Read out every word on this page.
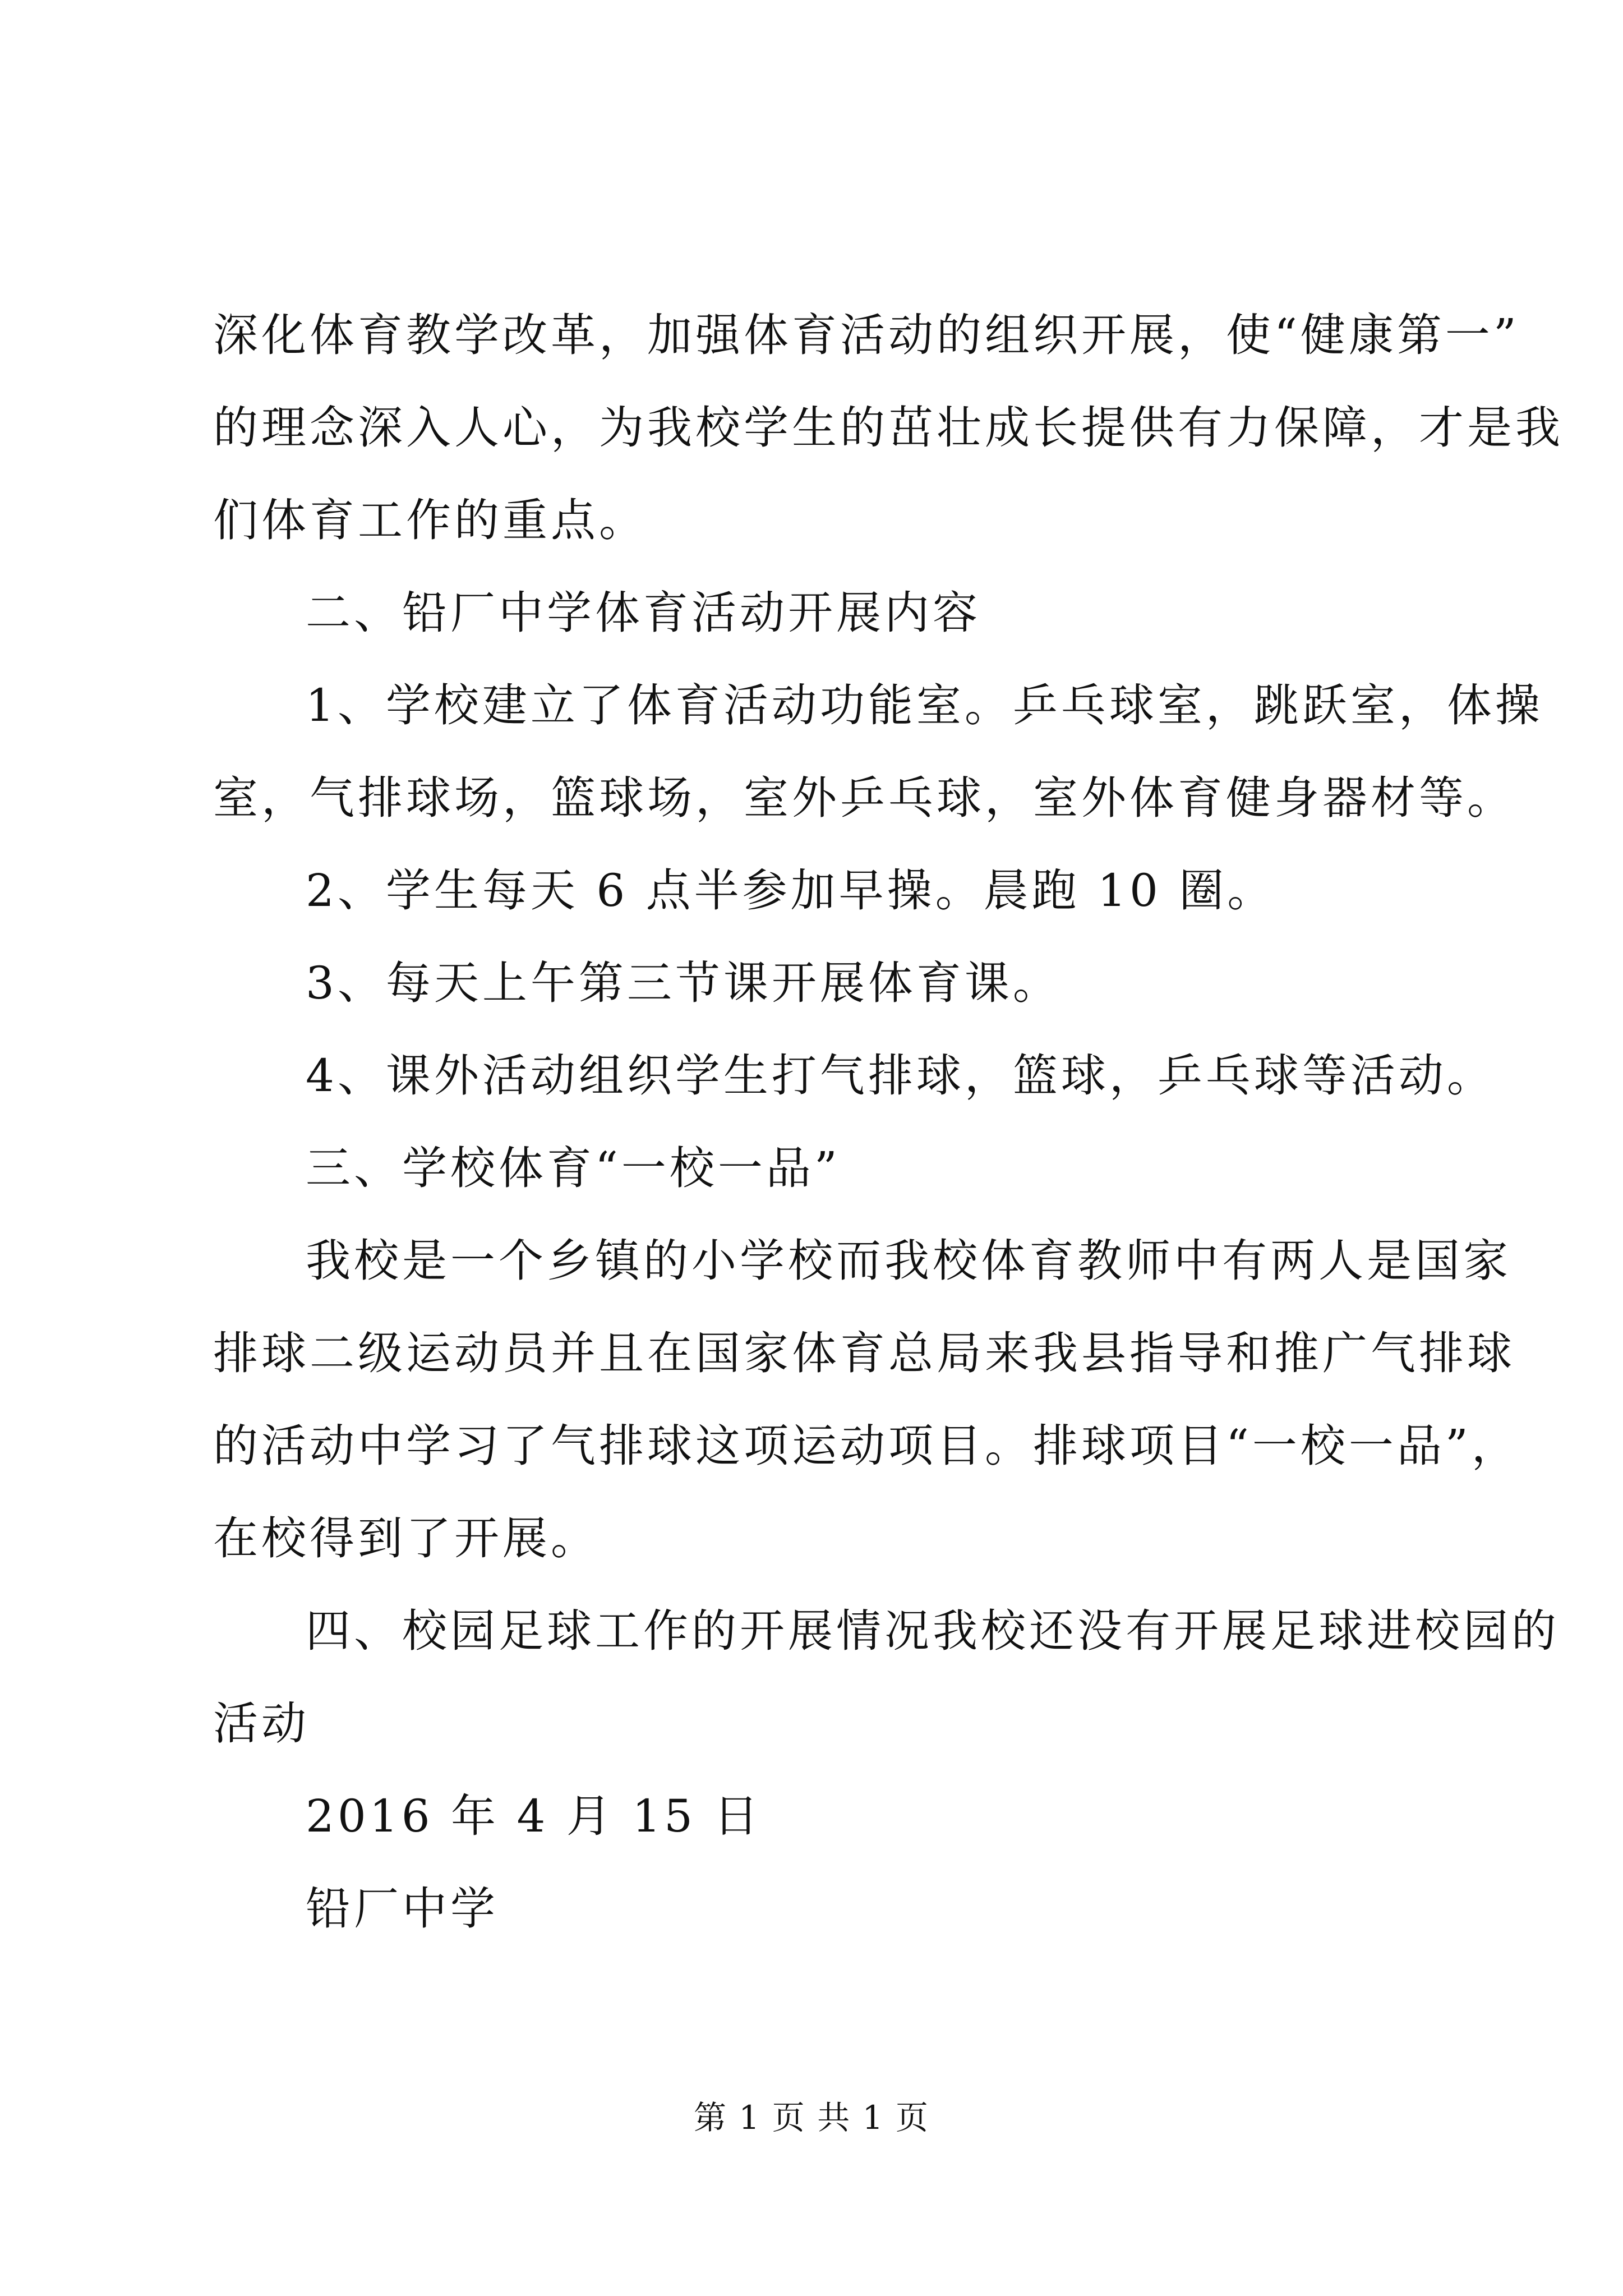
深化体育教学改革，加强体育活动的组织开展，使“健康第一”
的理念深入人心，为我校学生的茁壮成长提供有力保障，才是我
们体育工作的重点。
二、铅厂中学体育活动开展内容
1、学校建立了体育活动功能室。乒乓球室，跳跃室，体操
室，气排球场，篮球场，室外乒乓球，室外体育健身器材等。
2、学生每天 6 点半参加早操。晨跑 10 圈。
3、每天上午第三节课开展体育课。
4、课外活动组织学生打气排球，篮球，乒乓球等活动。
三、学校体育“一校一品”
我校是一个乡镇的小学校而我校体育教师中有两人是国家
排球二级运动员并且在国家体育总局来我县指导和推广气排球
的活动中学习了气排球这项运动项目。排球项目“一校一品”，
在校得到了开展。
四、校园足球工作的开展情况我校还没有开展足球进校园的
活动
2016 年 4 月 15 日
铅厂中学
第 1 页 共 1 页
